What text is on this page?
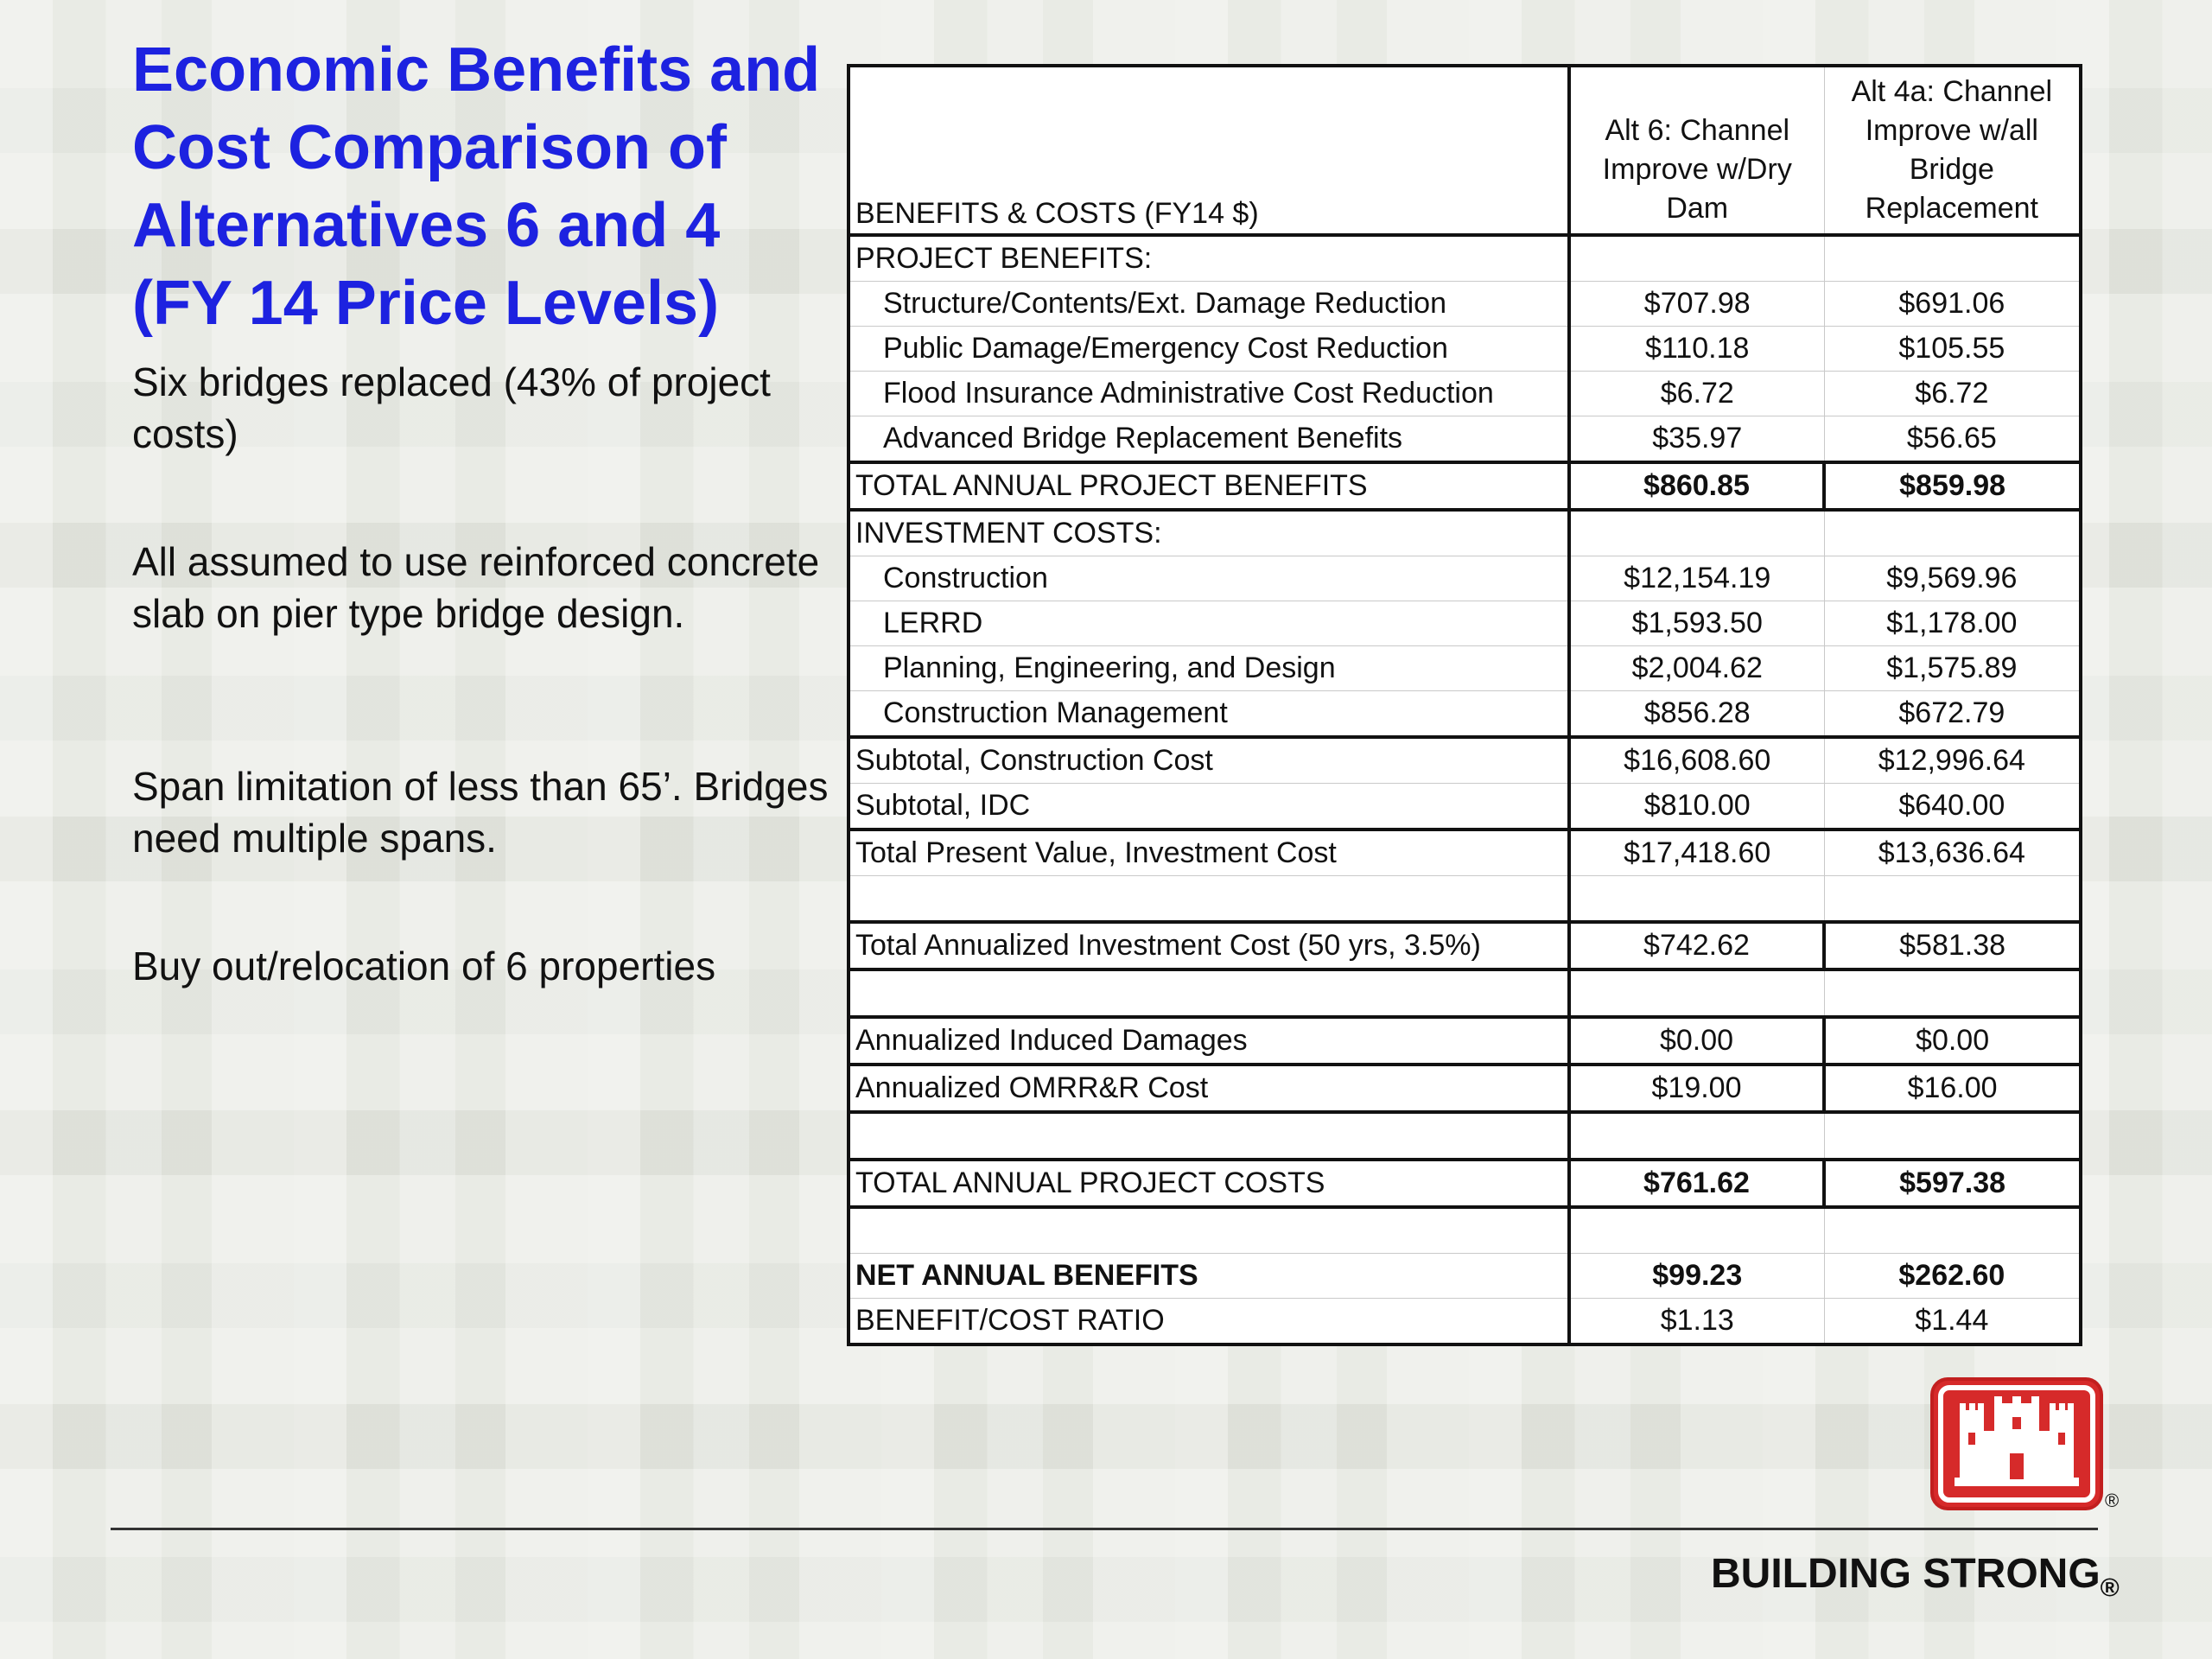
Economic Benefits and Cost Comparison of Alternatives 6 and 4 (FY 14 Price Levels)
Six bridges replaced (43% of project costs)
All assumed to use reinforced concrete slab on pier type bridge design.
Span limitation of less than 65’. Bridges need multiple spans.
Buy out/relocation of 6 properties
BENEFITS & COSTS (FY14 $)	Alt 6: Channel Improve w/Dry Dam	Alt 4a: Channel Improve w/all Bridge Replacement
PROJECT BENEFITS:		
Structure/Contents/Ext. Damage Reduction	$707.98	$691.06
Public Damage/Emergency Cost Reduction	$110.18	$105.55
Flood Insurance Administrative Cost Reduction	$6.72	$6.72
Advanced Bridge Replacement Benefits	$35.97	$56.65
TOTAL ANNUAL PROJECT BENEFITS	$860.85	$859.98
INVESTMENT COSTS:		
Construction	$12,154.19	$9,569.96
LERRD	$1,593.50	$1,178.00
Planning, Engineering, and Design	$2,004.62	$1,575.89
Construction Management	$856.28	$672.79
Subtotal, Construction Cost	$16,608.60	$12,996.64
Subtotal, IDC	$810.00	$640.00
Total Present Value, Investment Cost	$17,418.60	$13,636.64

Total Annualized Investment Cost (50 yrs, 3.5%)	$742.62	$581.38

Annualized Induced Damages	$0.00	$0.00
Annualized OMRR&R Cost	$19.00	$16.00

TOTAL ANNUAL PROJECT COSTS	$761.62	$597.38

NET ANNUAL BENEFITS	$99.23	$262.60
BENEFIT/COST RATIO	$1.13	$1.44
®
BUILDING $STRONG_®$
